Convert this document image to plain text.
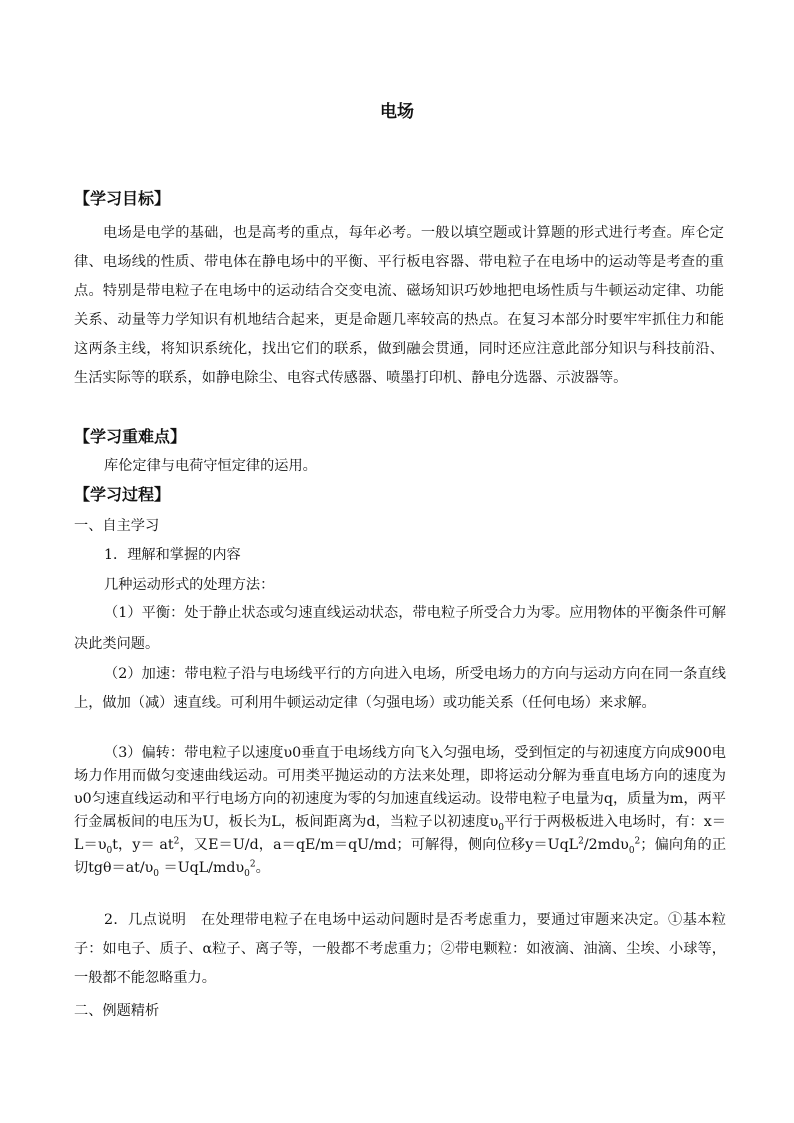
电场
【学习目标】
电场是电学的基础，也是高考的重点，每年必考。一般以填空题或计算题的形式进行考查。库仑定律、电场线的性质、带电体在静电场中的平衡、平行板电容器、带电粒子在电场中的运动等是考查的重点。特别是带电粒子在电场中的运动结合交变电流、磁场知识巧妙地把电场性质与牛顿运动定律、功能关系、动量等力学知识有机地结合起来，更是命题几率较高的热点。在复习本部分时要牢牢抓住力和能这两条主线，将知识系统化，找出它们的联系，做到融会贯通，同时还应注意此部分知识与科技前沿、生活实际等的联系，如静电除尘、电容式传感器、喷墨打印机、静电分选器、示波器等。
【学习重难点】
库伦定律与电荷守恒定律的运用。
【学习过程】
一、自主学习
1．理解和掌握的内容
几种运动形式的处理方法：
（1）平衡：处于静止状态或匀速直线运动状态，带电粒子所受合力为零。应用物体的平衡条件可解决此类问题。
（2）加速：带电粒子沿与电场线平行的方向进入电场，所受电场力的方向与运动方向在同一条直线上，做加（减）速直线。可利用牛顿运动定律（匀强电场）或功能关系（任何电场）来求解。
（3）偏转：带电粒子以速度υ0垂直于电场线方向飞入匀强电场，受到恒定的与初速度方向成900电场力作用而做匀变速曲线运动。可用类平抛运动的方法来处理，即将运动分解为垂直电场方向的速度为υ0匀速直线运动和平行电场方向的初速度为零的匀加速直线运动。设带电粒子电量为q，质量为m，两平行金属板间的电压为U，板长为L，板间距离为d，当粒子以初速度$\upsilon_0$平行于两极板进入电场时，有：$x=L=\upsilon_0t$，$y= at^2$，又E＝U/d，a＝qE/m＝qU/md；可解得，侧向位移y＝UqL$^2$/2mdυ$_0^2$；偏向角的正切$tg\theta=at/\upsilon_0 =UqL/md\upsilon_0^2$。
2．几点说明　在处理带电粒子在电场中运动问题时是否考虑重力，要通过审题来决定。①基本粒子：如电子、质子、α粒子、离子等，一般都不考虑重力；②带电颗粒：如液滴、油滴、尘埃、小球等，一般都不能忽略重力。
二、例题精析
